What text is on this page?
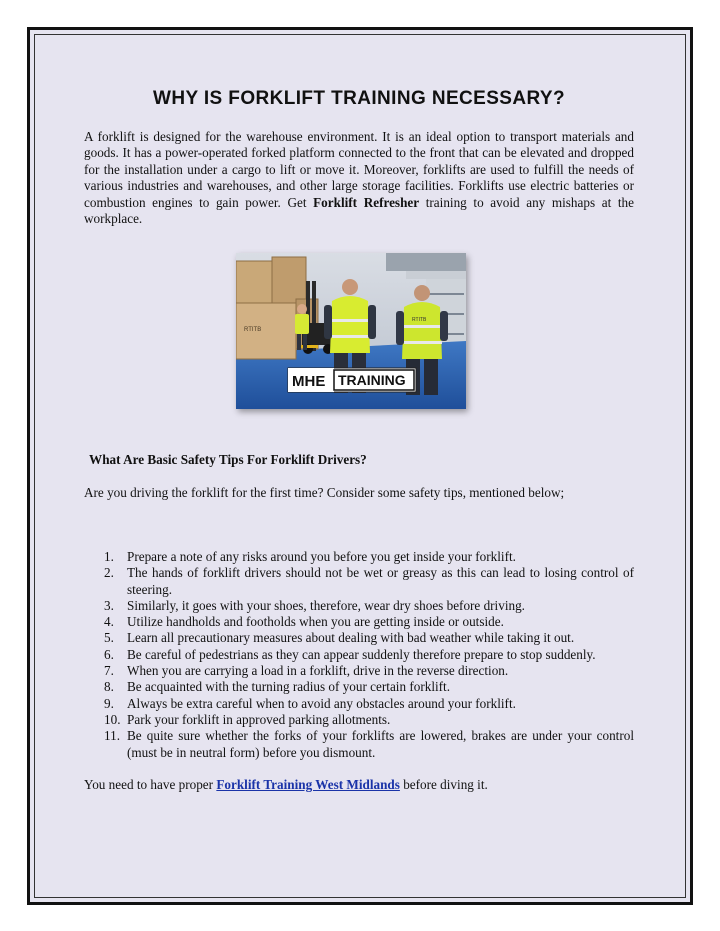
WHY IS FORKLIFT TRAINING NECESSARY?

A forklift is designed for the warehouse environment. It is an ideal option to transport materials and goods. It has a power-operated forked platform connected to the front that can be elevated and dropped for the installation under a cargo to lift or move it. Moreover, forklifts are used to fulfill the needs of various industries and warehouses, and other large storage facilities. Forklifts use electric batteries or combustion engines to gain power. Get Forklift Refresher training to avoid any mishaps at the workplace.

RTITB
RTITB
MHE TRAINING
What Are Basic Safety Tips For Forklift Drivers?

Are you driving the forklift for the first time? Consider some safety tips, mentioned below;

1. Prepare a note of any risks around you before you get inside your forklift.
2. The hands of forklift drivers should not be wet or greasy as this can lead to losing control of steering.
3. Similarly, it goes with your shoes, therefore, wear dry shoes before driving.
4. Utilize handholds and footholds when you are getting inside or outside.
5. Learn all precautionary measures about dealing with bad weather while taking it out.
6. Be careful of pedestrians as they can appear suddenly therefore prepare to stop suddenly.
7. When you are carrying a load in a forklift, drive in the reverse direction.
8. Be acquainted with the turning radius of your certain forklift.
9. Always be extra careful when to avoid any obstacles around your forklift.
10. Park your forklift in approved parking allotments.
11. Be quite sure whether the forks of your forklifts are lowered, brakes are under your control (must be in neutral form) before you dismount.

You need to have proper Forklift Training West Midlands before diving it.
